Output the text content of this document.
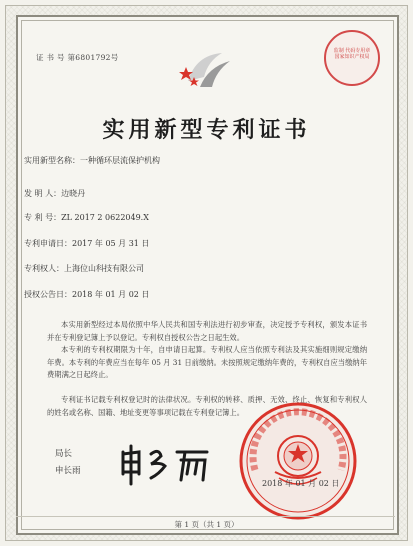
证 书 号 第6801792号
监制 代码专用章 国家知识产权局
实用新型专利证书
实用新型名称：一种循环层流保护机构
发 明 人：边晓丹
专 利 号：ZL 2017 2 0622049.X
专利申请日：2017 年 05 月 31 日
专利权人：上海位山科技有限公司
授权公告日：2018 年 01 月 02 日
本实用新型经过本局依照中华人民共和国专利法进行初步审查，决定授予专利权，颁发本证书并在专利登记簿上予以登记。专利权自授权公告之日起生效。
本专利的专利权期限为十年，自申请日起算。专利权人应当依照专利法及其实施细则规定缴纳年费。本专利的年费应当在每年 05 月 31 日前缴纳。未按照规定缴纳年费的，专利权自应当缴纳年费期满之日起终止。
专利证书记载专利权登记时的法律状况。专利权的转移、质押、无效、终止、恢复和专利权人的姓名或名称、国籍、地址变更等事项记载在专利登记簿上。
局长
申长雨
2018 年 01 月 02 日
第 1 页（共 1 页）
